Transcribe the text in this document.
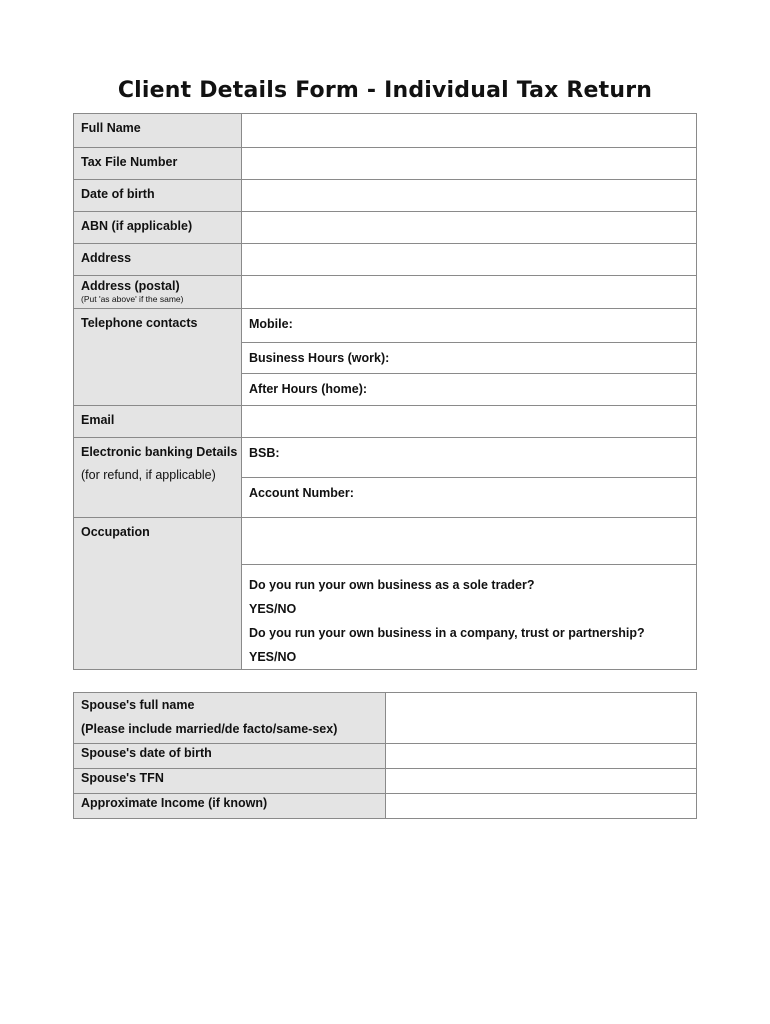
Client Details Form - Individual Tax Return
Full Name
Tax File Number
Date of birth
ABN (if applicable)
Address
Address (postal)
(Put 'as above' if the same)
Telephone contacts	Mobile:
Business Hours (work):
After Hours (home):
Email
Electronic banking Details
(for refund, if applicable)
BSB:
Account Number:
Occupation
Do you run your own business as a sole trader?
YES/NO
Do you run your own business in a company, trust or partnership?
YES/NO
Spouse's full name
(Please include married/de facto/same-sex)
Spouse's date of birth
Spouse's TFN
Approximate Income (if known)
